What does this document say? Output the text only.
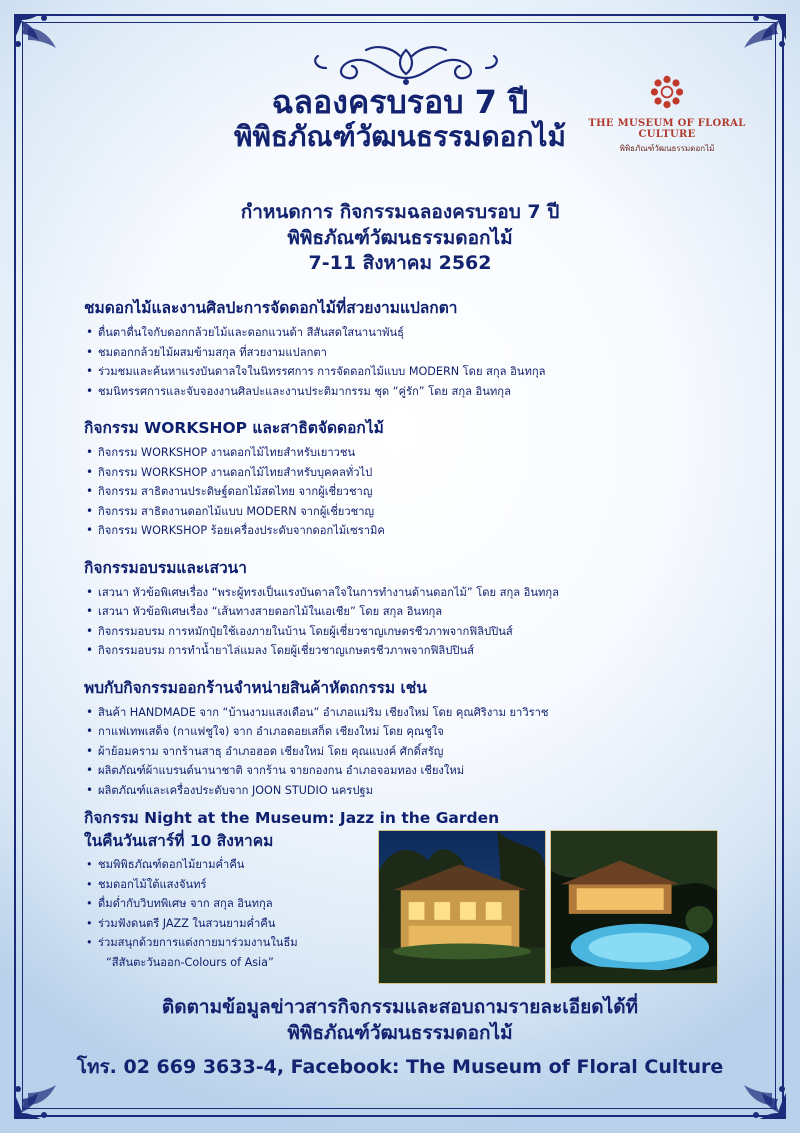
ฉลองครบรอบ 7 ปี
พิพิธภัณฑ์วัฒนธรรมดอกไม้	THE MUSEUM OF FLORAL CULTURE
พิพิธภัณฑ์วัฒนธรรมดอกไม้
กำหนดการ กิจกรรมฉลองครบรอบ 7 ปี
พิพิธภัณฑ์วัฒนธรรมดอกไม้
7-11 สิงหาคม 2562
ชมดอกไม้และงานศิลปะการจัดดอกไม้ที่สวยงามแปลกตา
• ตื่นตาตื่นใจกับดอกกล้วยไม้และดอกแวนด้า สีสันสดใสนานาพันธุ์
• ชมดอกกล้วยไม้ผสมข้ามสกุล ที่สวยงามแปลกตา
• ร่วมชมและค้นหาแรงบันดาลใจในนิทรรศการ การจัดดอกไม้แบบ MODERN โดย สกุล อินทกุล
• ชมนิทรรศการและจับจองงานศิลปะและงานประติมากรรม ชุด “คู่รัก” โดย สกุล อินทกุล
กิจกรรม WORKSHOP และสาธิตจัดดอกไม้
• กิจกรรม WORKSHOP งานดอกไม้ไทยสำหรับเยาวชน
• กิจกรรม WORKSHOP งานดอกไม้ไทยสำหรับบุคคลทั่วไป
• กิจกรรม สาธิตงานประดิษฐ์ดอกไม้สดไทย จากผู้เชี่ยวชาญ
• กิจกรรม สาธิตงานดอกไม้แบบ MODERN จากผู้เชี่ยวชาญ
• กิจกรรม WORKSHOP ร้อยเครื่องประดับจากดอกไม้เซรามิค
กิจกรรมอบรมและเสวนา
• เสวนา หัวข้อพิเศษเรื่อง “พระผู้ทรงเป็นแรงบันดาลใจในการทำงานด้านดอกไม้” โดย สกุล อินทกุล
• เสวนา หัวข้อพิเศษเรื่อง “เส้นทางสายดอกไม้ในเอเชีย” โดย สกุล อินทกุล
• กิจกรรมอบรม การหมักปุ๋ยใช้เองภายในบ้าน โดยผู้เชี่ยวชาญเกษตรชีวภาพจากฟิลิปปินส์
• กิจกรรมอบรม การทำน้ำยาไล่แมลง โดยผู้เชี่ยวชาญเกษตรชีวภาพจากฟิลิปปินส์
พบกับกิจกรรมออกร้านจำหน่ายสินค้าหัตถกรรม เช่น
• สินค้า HANDMADE จาก “บ้านงามแสงเดือน” อำเภอแม่ริม เชียงใหม่ โดย คุณศิริงาม ยาวิราช
• กาแฟเทพเสด็จ (กาแฟชูใจ) จาก อำเภอดอยเสก็ด เชียงใหม่ โดย คุณชูใจ
• ผ้าย้อมคราม จากร้านสาธุ อำเภอฮอด เชียงใหม่ โดย คุณแบงค์ ศักดิ์สรัญ
• ผลิตภัณฑ์ผ้าแบรนด์นานาชาติ จากร้าน จายกองกน อำเภอจอมทอง เชียงใหม่
• ผลิตภัณฑ์และเครื่องประดับจาก JOON STUDIO นครปฐม
กิจกรรม Night at the Museum: Jazz in the Garden
ในคืนวันเสาร์ที่ 10 สิงหาคม
• ชมพิพิธภัณฑ์ดอกไม้ยามค่ำคืน
• ชมดอกไม้ใต้แสงจันทร์
• ดื่มด่ำกับวิบทพิเศษ จาก สกุล อินทกุล
• ร่วมฟังดนตรี JAZZ ในสวนยามค่ำคืน
• ร่วมสนุกด้วยการแต่งกายมาร่วมงานในธีม
“สีสันตะวันออก-Colours of Asia”
ติดตามข้อมูลข่าวสารกิจกรรมและสอบถามรายละเอียดได้ที่
พิพิธภัณฑ์วัฒนธรรมดอกไม้
โทร. 02 669 3633-4, Facebook: The Museum of Floral Culture
